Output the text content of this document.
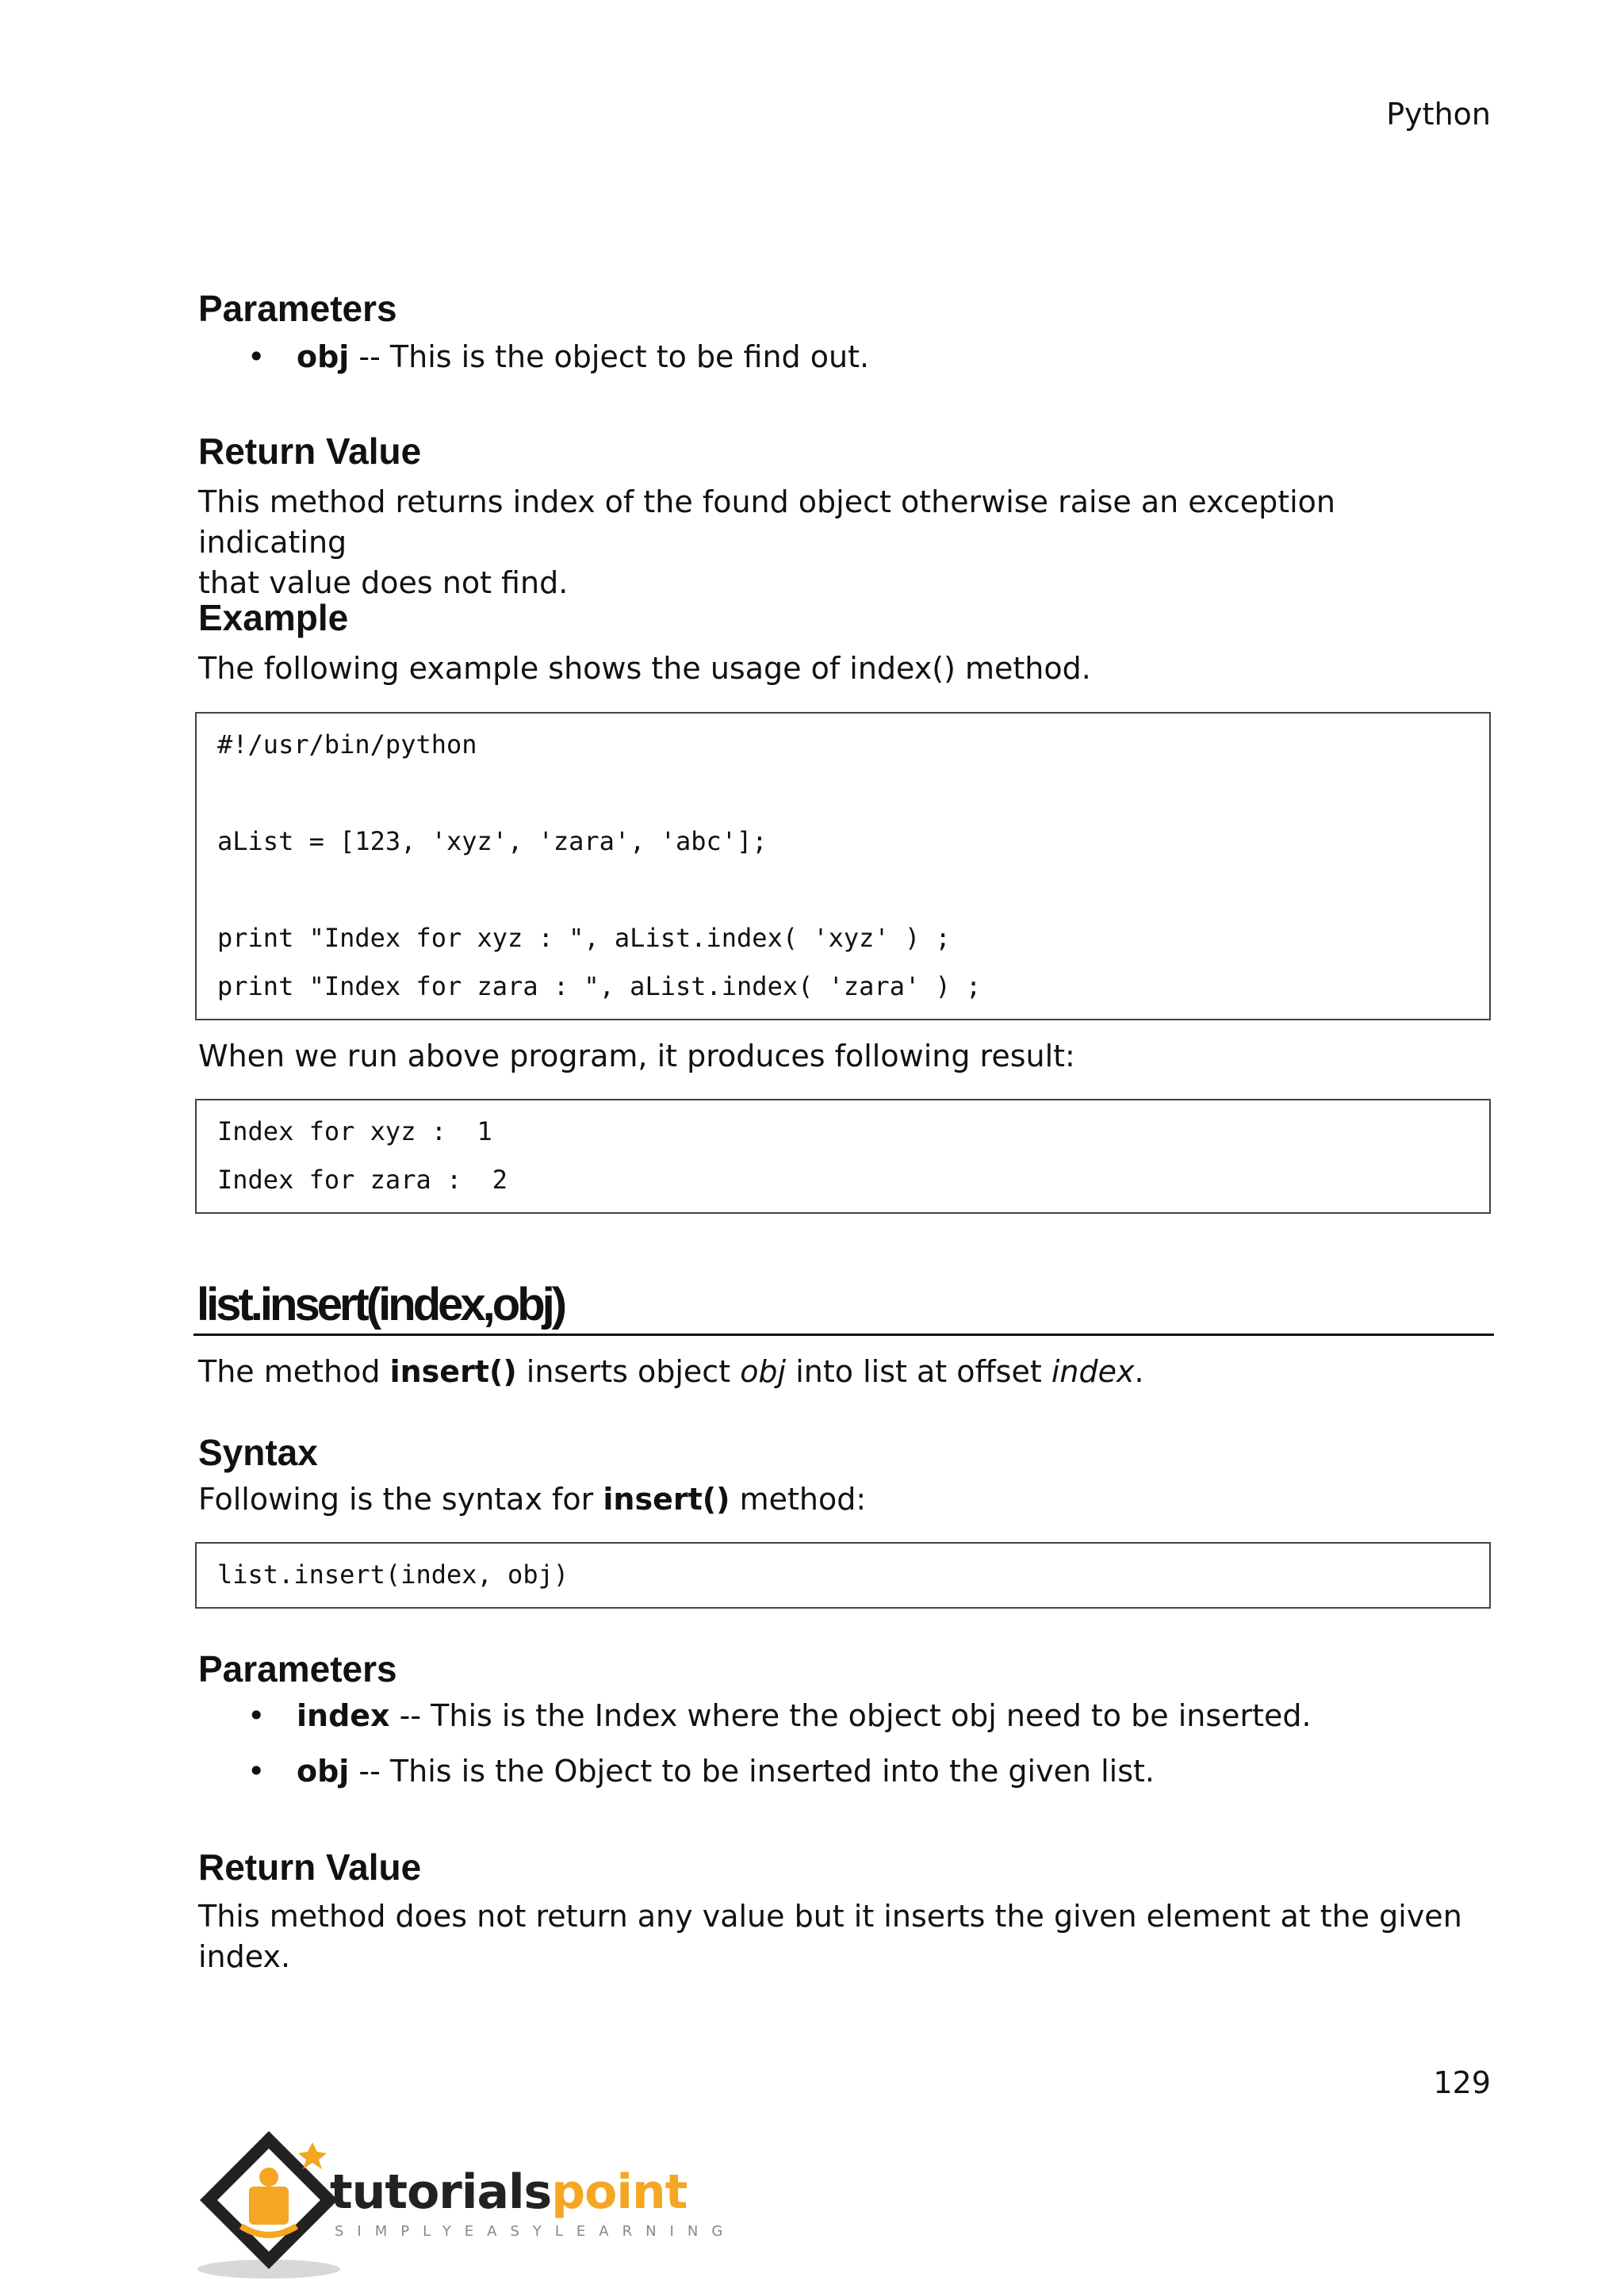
Python
Parameters
• obj -- This is the object to be find out.
Return Value
This method returns index of the found object otherwise raise an exception indicating
that value does not find.
Example
The following example shows the usage of index() method.
#!/usr/bin/python
aList = [123, 'xyz', 'zara', 'abc'];
print "Index for xyz : ", aList.index( 'xyz' ) ;
print "Index for zara : ", aList.index( 'zara' ) ;
When we run above program, it produces following result:
Index for xyz :  1
Index for zara :  2
list.insert(index,obj)
The method insert() inserts object obj into list at offset index.
Syntax
Following is the syntax for insert() method:
list.insert(index, obj)
Parameters
• index -- This is the Index where the object obj need to be inserted.
• obj -- This is the Object to be inserted into the given list.
Return Value
This method does not return any value but it inserts the given element at the given
index.
129
tutorialspoint
SIMPLYEASYLEARNING
